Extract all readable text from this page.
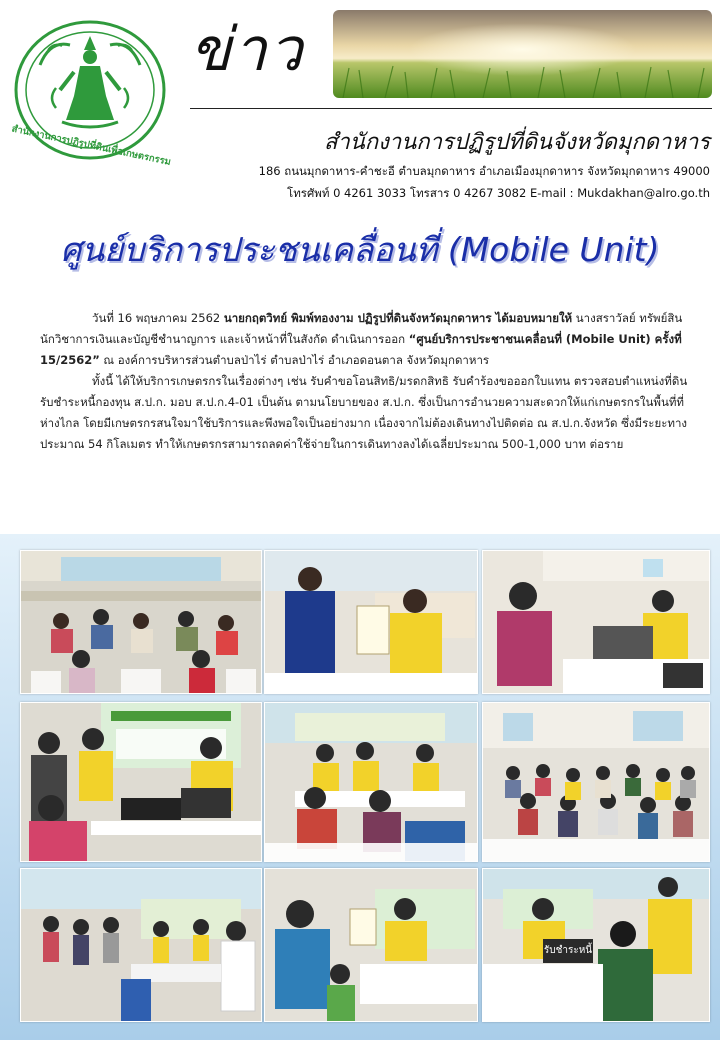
สำนักงานการปฏิรูปที่ดินเพื่อเกษตรกรรม
ข่าว
สำนักงานการปฏิรูปที่ดินจังหวัดมุกดาหาร
186 ถนนมุกดาหาร-คำชะอี ตำบลมุกดาหาร อำเภอเมืองมุกดาหาร จังหวัดมุกดาหาร 49000
โทรศัพท์ 0 4261 3033 โทรสาร 0 4267 3082 E-mail : Mukdakhan@alro.go.th
ศูนย์บริการประชนเคลื่อนที่ (Mobile Unit)

วันที่ 16 พฤษภาคม 2562 นายกฤตวิทย์ พิมพ์ทองงาม ปฏิรูปที่ดินจังหวัดมุกดาหาร ได้มอบหมายให้ นางสราวัลย์ ทรัพย์สิน นักวิชาการเงินและบัญชีชำนาญการ และเจ้าหน้าที่ในสังกัด ดำเนินการออก “ศูนย์บริการประชาชนเคลื่อนที่ (Mobile Unit) ครั้งที่ 15/2562” ณ องค์การบริหารส่วนตำบลป่าไร่ ตำบลป่าไร่ อำเภอดอนตาล จังหวัดมุกดาหาร

ทั้งนี้ ได้ให้บริการเกษตรกรในเรื่องต่างๆ เช่น รับคำขอโอนสิทธิ/มรดกสิทธิ รับคำร้องขอออกใบแทน ตรวจสอบตำแหน่งที่ดิน รับชำระหนี้กองทุน ส.ป.ก. มอบ ส.ป.ก.4-01 เป็นต้น ตามนโยบายของ ส.ป.ก. ซึ่งเป็นการอำนวยความสะดวกให้แก่เกษตรกรในพื้นที่ที่ห่างไกล โดยมีเกษตรกรสนใจมาใช้บริการและพึงพอใจเป็นอย่างมาก เนื่องจากไม่ต้องเดินทางไปติดต่อ ณ ส.ป.ก.จังหวัด ซึ่งมีระยะทางประมาณ 54 กิโลเมตร ทำให้เกษตรกรสามารถลดค่าใช้จ่ายในการเดินทางลงได้เฉลี่ยประมาณ 500-1,000 บาท ต่อราย

รับชำระหนี้
